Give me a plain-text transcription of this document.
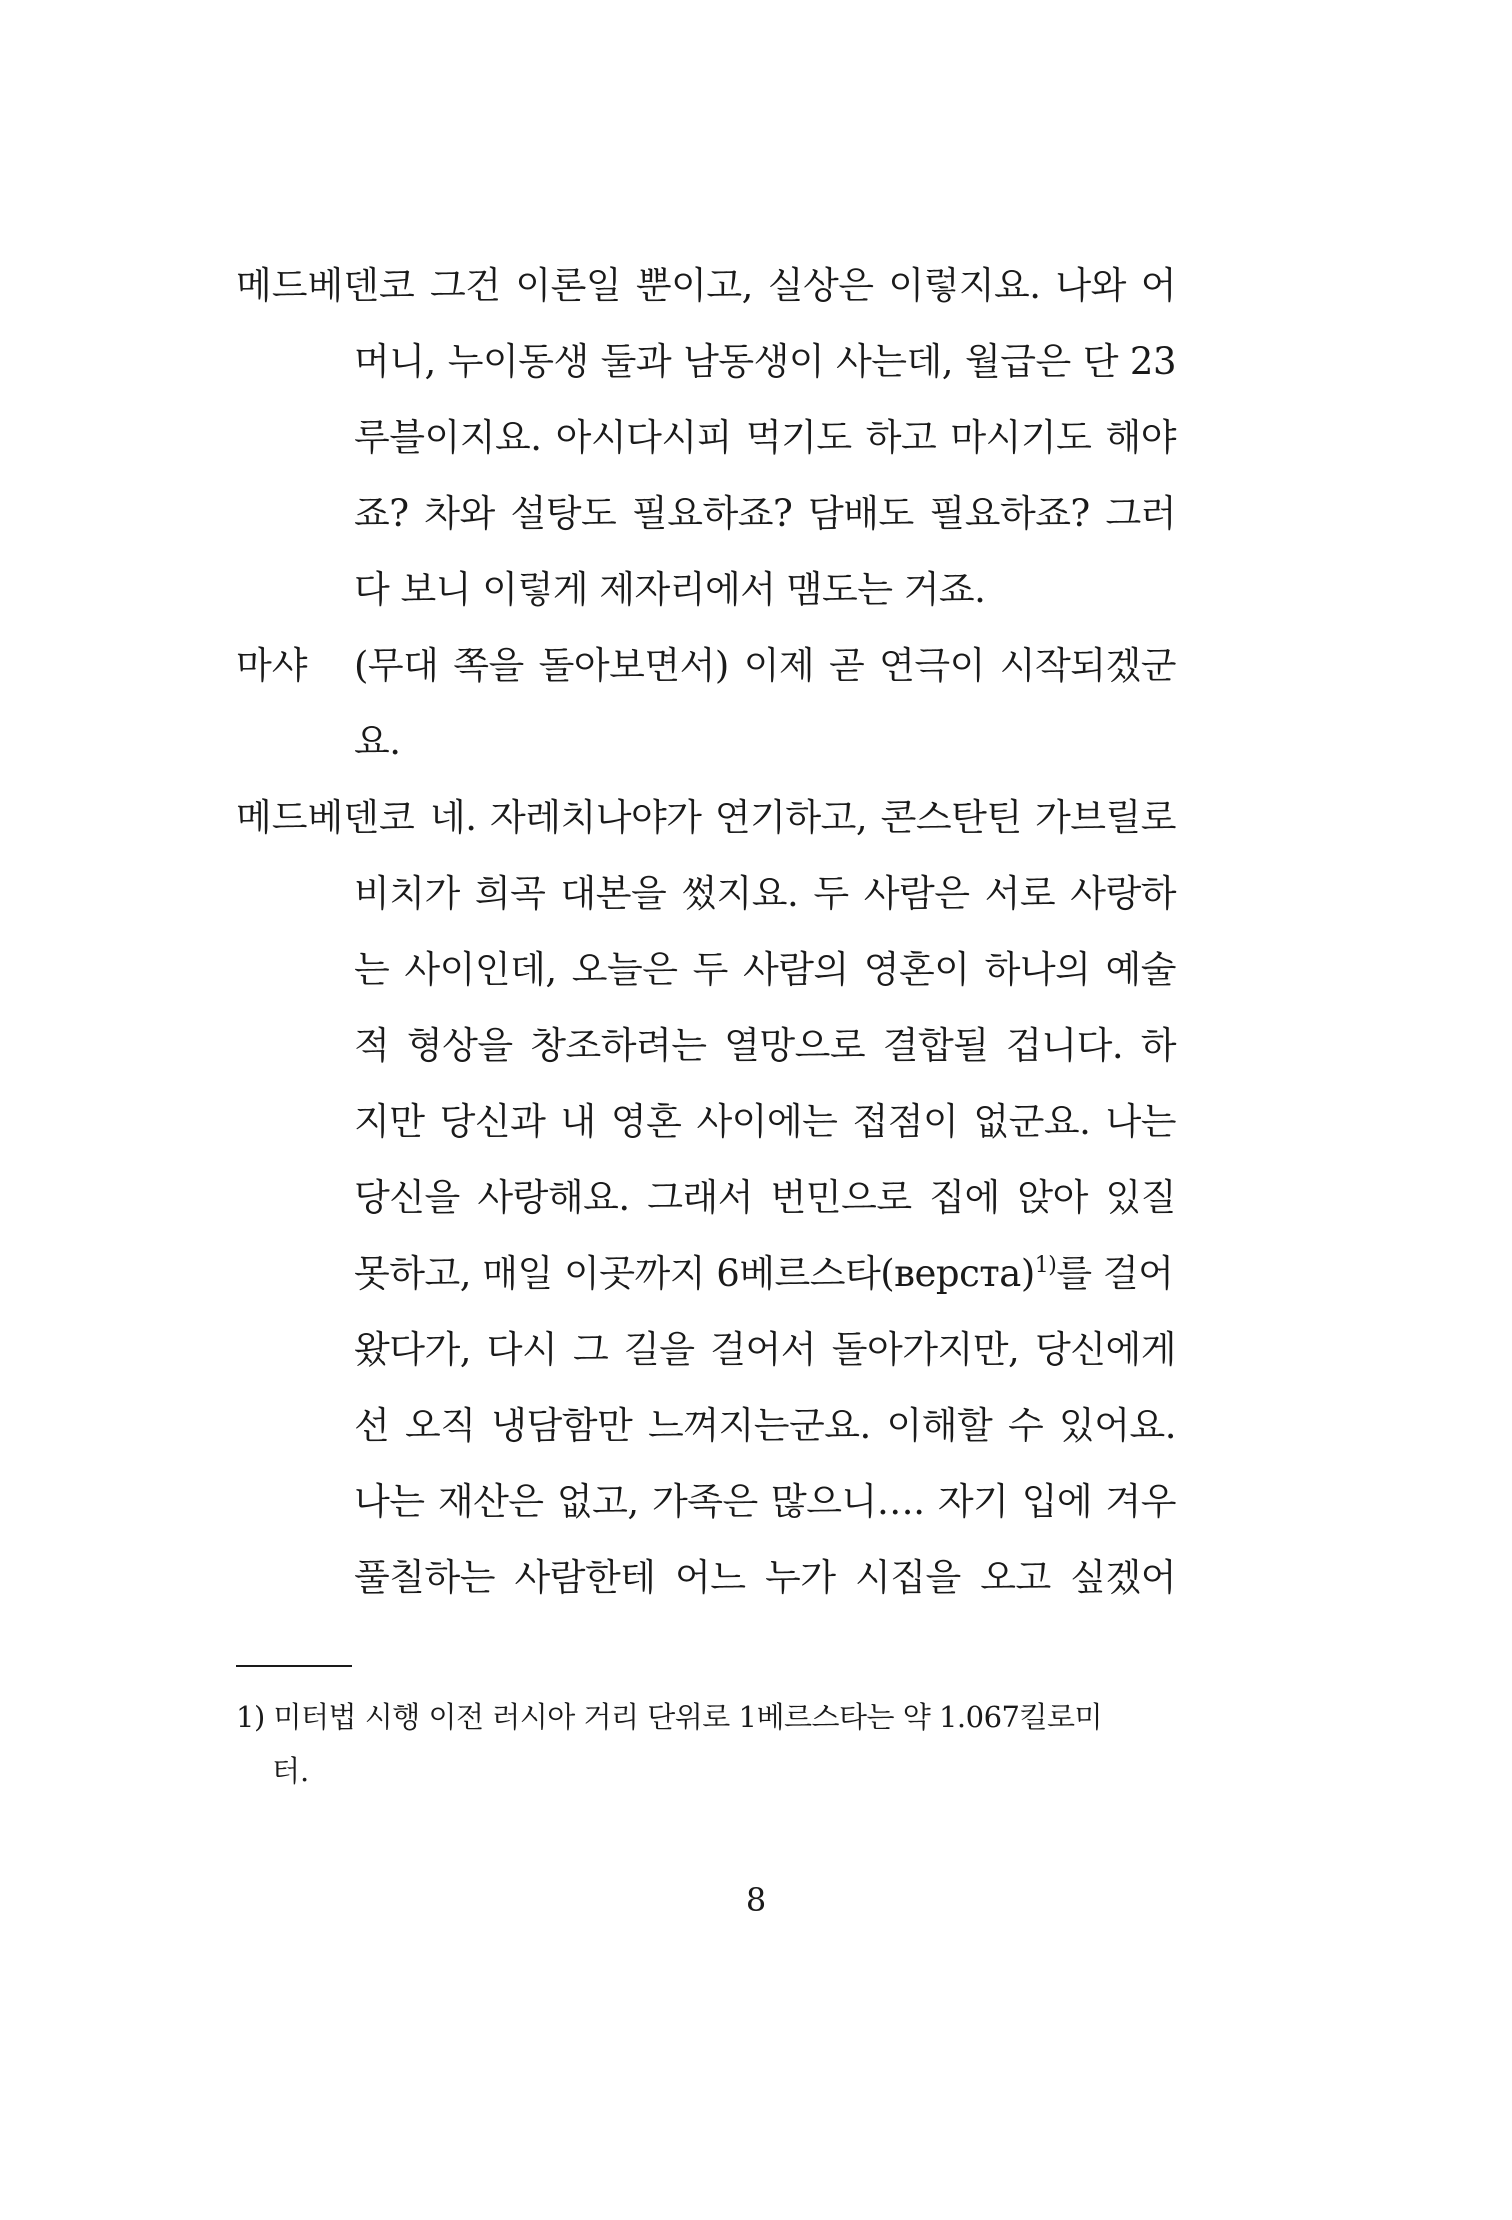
메드베덴코 그건 이론일 뿐이고, 실상은 이렇지요. 나와 어
머니, 누이동생 둘과 남동생이 사는데, 월급은 단 23
루블이지요. 아시다시피 먹기도 하고 마시기도 해야
죠? 차와 설탕도 필요하죠? 담배도 필요하죠? 그러
다 보니 이렇게 제자리에서 맴도는 거죠.
마샤	(무대 쪽을 돌아보면서) 이제 곧 연극이 시작되겠군
요.
메드베덴코 네. 자레치나야가 연기하고, 콘스탄틴 가브릴로
비치가 희곡 대본을 썼지요. 두 사람은 서로 사랑하
는 사이인데, 오늘은 두 사람의 영혼이 하나의 예술
적 형상을 창조하려는 열망으로 결합될 겁니다. 하
지만 당신과 내 영혼 사이에는 접점이 없군요. 나는
당신을 사랑해요. 그래서 번민으로 집에 앉아 있질
못하고, 매일 이곳까지 6베르스타(верста)$^{1)}$를 걸어
왔다가, 다시 그 길을 걸어서 돌아가지만, 당신에게
선 오직 냉담함만 느껴지는군요. 이해할 수 있어요.
나는 재산은 없고, 가족은 많으니…. 자기 입에 겨우
풀칠하는 사람한테 어느 누가 시집을 오고 싶겠어
1) 미터법 시행 이전 러시아 거리 단위로 1베르스타는 약 1.067킬로미
터.
8
